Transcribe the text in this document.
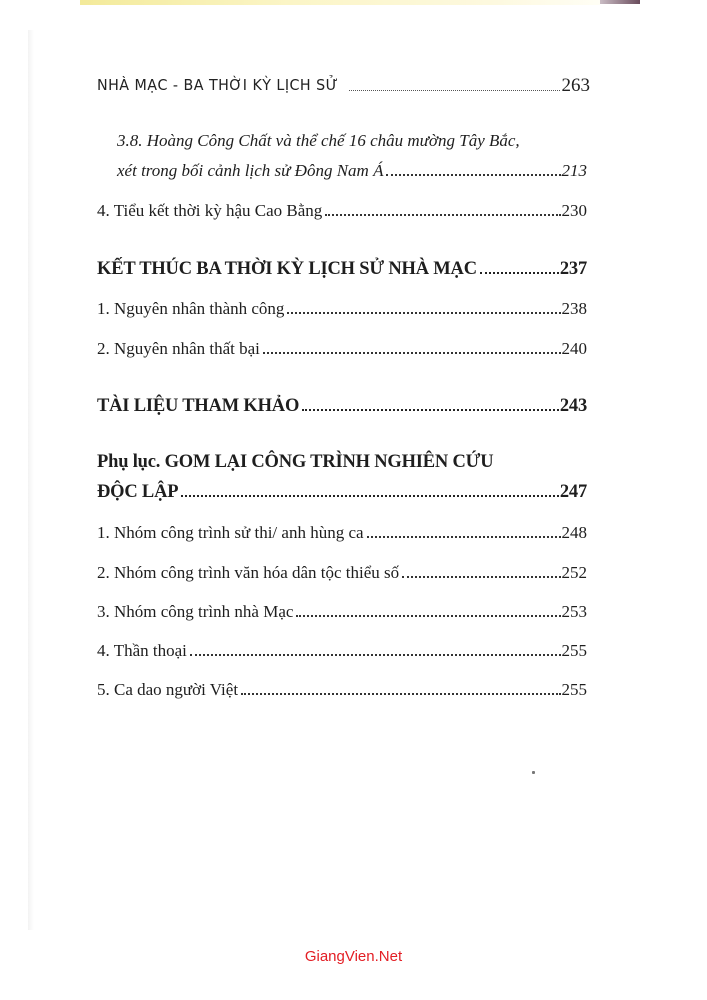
NHÀ MẠC - BA THỜI KỲ LỊCH SỬ	263
3.8. Hoàng Công Chất và thể chế 16 châu mường Tây Bắc,
xét trong bối cảnh lịch sử Đông Nam Á	213
4. Tiểu kết thời kỳ hậu Cao Bằng	230
KẾT THÚC BA THỜI KỲ LỊCH SỬ NHÀ MẠC	237
1. Nguyên nhân thành công	238
2. Nguyên nhân thất bại	240
TÀI LIỆU THAM KHẢO	243
Phụ lục. GOM LẠI CÔNG TRÌNH NGHIÊN CỨU
ĐỘC LẬP	247
1. Nhóm công trình sử thi/ anh hùng ca	248
2. Nhóm công trình văn hóa dân tộc thiểu số	252
3. Nhóm công trình nhà Mạc	253
4. Thần thoại	255
5. Ca dao người Việt	255
GiangVien.Net
